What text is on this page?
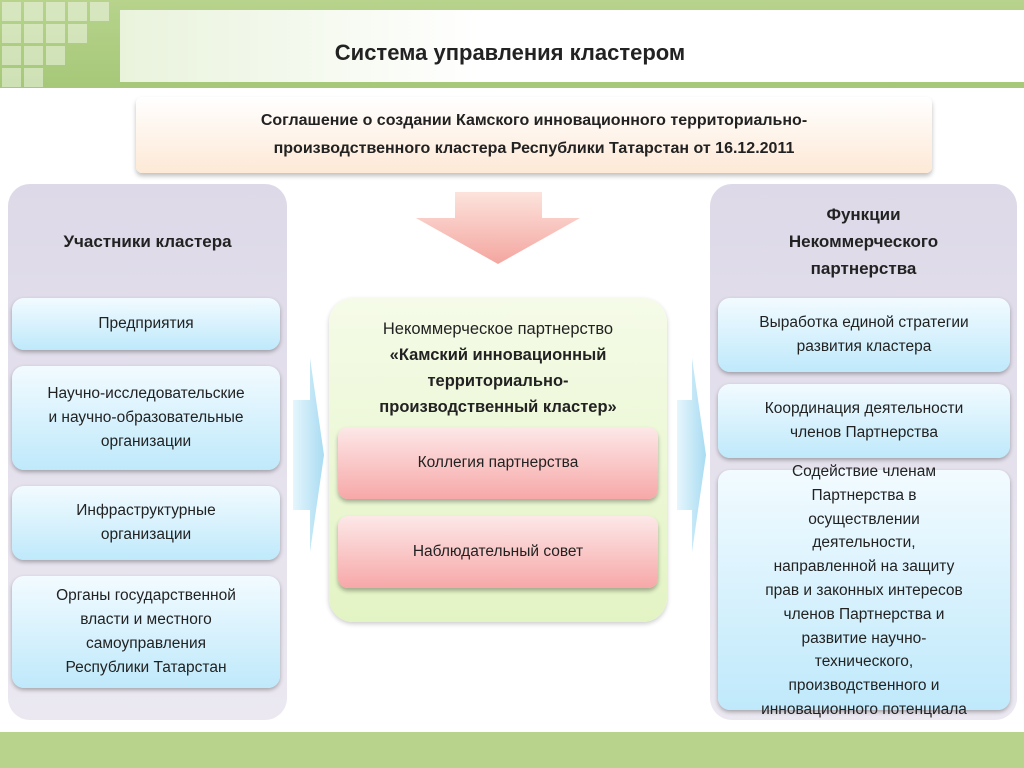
Система управления кластером
Соглашение о создании Камского инновационного территориально-
производственного кластера Республики Татарстан от 16.12.2011
Участники кластера
Предприятия
Научно-исследовательские
и научно-образовательные
организации
Инфраструктурные
организации
Органы государственной
власти и местного
самоуправления
Республики Татарстан
Некоммерческое партнерство
«Камский инновационный
территориально-
производственный кластер»
Коллегия партнерства
Наблюдательный совет
Функции
Некоммерческого
партнерства
Выработка единой стратегии
развития кластера
Координация деятельности
членов Партнерства
Содействие членам
Партнерства в
осуществлении
деятельности,
направленной на защиту
прав и законных интересов
членов Партнерства и
развитие научно-
технического,
производственного и
инновационного потенциала
